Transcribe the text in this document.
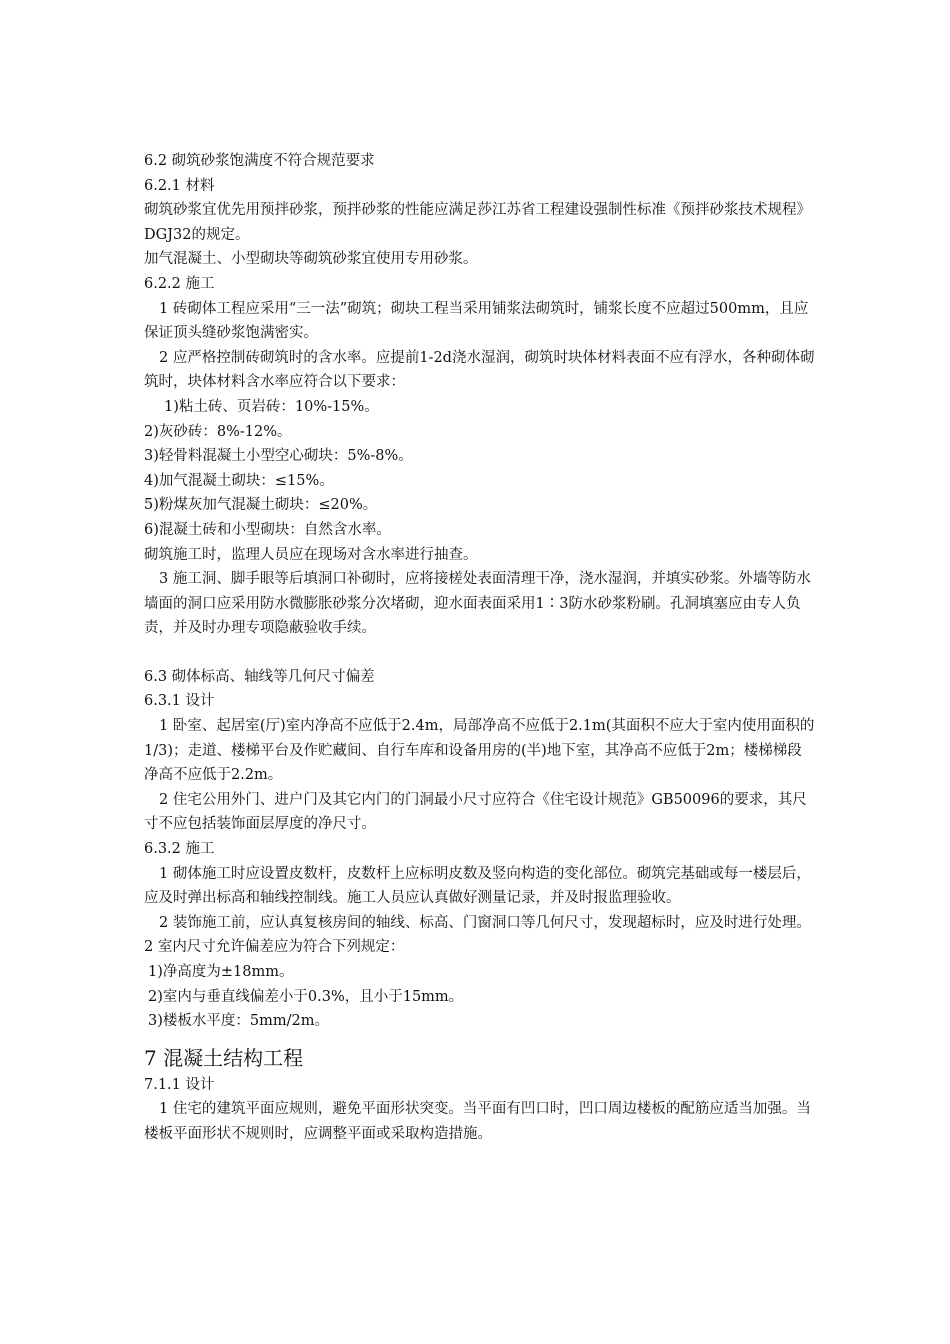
6.2 砌筑砂浆饱满度不符合规范要求

6.2.1 材料

砌筑砂浆宜优先用预拌砂浆，预拌砂浆的性能应满足莎江苏省工程建设强制性标准《预拌砂浆技术规程》DGJ32的规定。

加气混凝土、小型砌块等砌筑砂浆宜使用专用砂浆。

6.2.2 施工

1 砖砌体工程应采用“三一法”砌筑；砌块工程当采用铺浆法砌筑时，铺浆长度不应超过500mm，且应保证顶头缝砂浆饱满密实。

2 应严格控制砖砌筑时的含水率。应提前1-2d浇水湿润，砌筑时块体材料表面不应有浮水，各种砌体砌筑时，块体材料含水率应符合以下要求：

1)粘土砖、页岩砖：10%-15%。

2)灰砂砖：8%-12%。

3)轻骨料混凝土小型空心砌块：5%-8%。

4)加气混凝土砌块：≤15%。

5)粉煤灰加气混凝土砌块：≤20%。

6)混凝土砖和小型砌块：自然含水率。

砌筑施工时，监理人员应在现场对含水率进行抽查。

3 施工洞、脚手眼等后填洞口补砌时，应将接槎处表面清理干净，浇水湿润，并填实砂浆。外墙等防水墙面的洞口应采用防水微膨胀砂浆分次堵砌，迎水面表面采用1∶3防水砂浆粉刷。孔洞填塞应由专人负责，并及时办理专项隐蔽验收手续。

6.3 砌体标高、轴线等几何尺寸偏差

6.3.1 设计

1 卧室、起居室(厅)室内净高不应低于2.4m，局部净高不应低于2.1m(其面积不应大于室内使用面积的1/3)；走道、楼梯平台及作贮藏间、自行车库和设备用房的(半)地下室，其净高不应低于2m；楼梯梯段净高不应低于2.2m。

2 住宅公用外门、进户门及其它内门的门洞最小尺寸应符合《住宅设计规范》GB50096的要求，其尺寸不应包括装饰面层厚度的净尺寸。

6.3.2 施工

1 砌体施工时应设置皮数杆，皮数杆上应标明皮数及竖向构造的变化部位。砌筑完基础或每一楼层后，应及时弹出标高和轴线控制线。施工人员应认真做好测量记录，并及时报监理验收。

2 装饰施工前，应认真复核房间的轴线、标高、门窗洞口等几何尺寸，发现超标时，应及时进行处理。

2 室内尺寸允许偏差应为符合下列规定：

1)净高度为±18mm。

2)室内与垂直线偏差小于0.3%，且小于15mm。

3)楼板水平度：5mm/2m。

7 混凝土结构工程

7.1.1 设计

1 住宅的建筑平面应规则，避免平面形状突变。当平面有凹口时，凹口周边楼板的配筋应适当加强。当楼板平面形状不规则时，应调整平面或采取构造措施。
